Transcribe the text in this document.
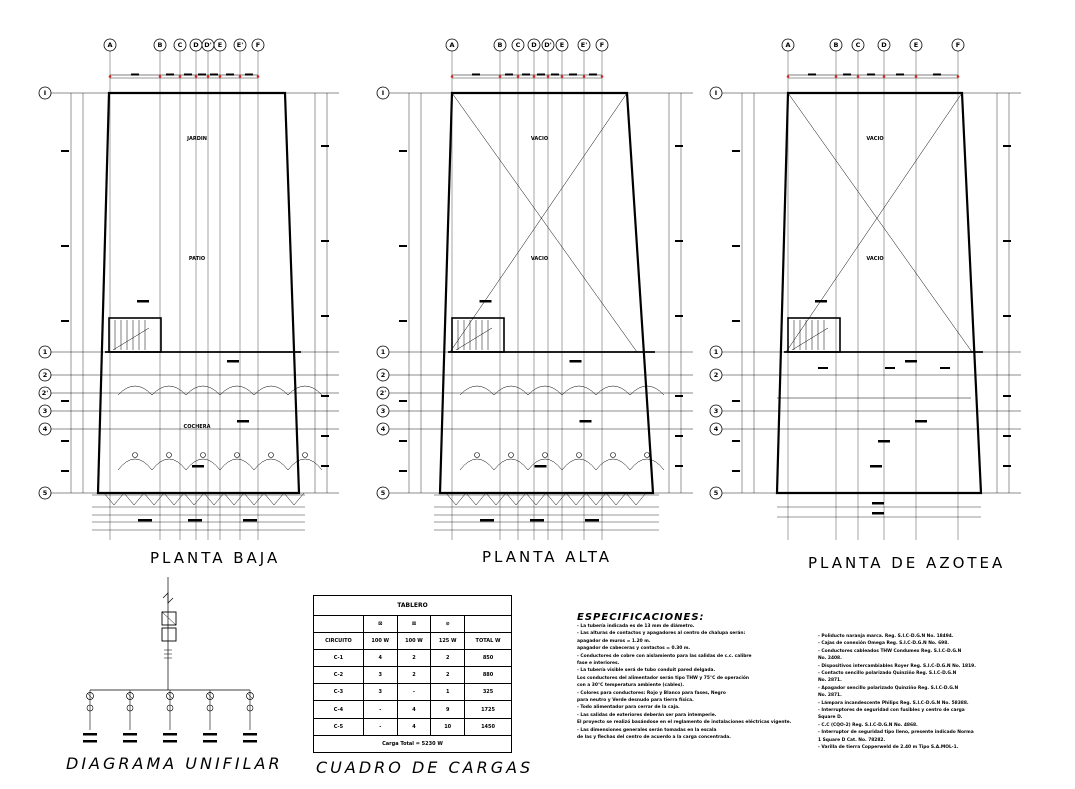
A	B C D D' E E' F
I
1
2
2'
3
4
5
JARDIN
PATIO
COCHERA
A	B C D D' E	E' F
I
1
2
2'
3
4
5
VACIO
VACIO
A	B	C	D	E	F
I
1
2
3
4
5
VACIO
VACIO
PLANTA BAJA	PLANTA ALTA	PLANTA DE AZOTEA
DIAGRAMA UNIFILAR CUADRO DE CARGAS
TABLERO				
	⊠	⊠	⊘	
CIRCUITO	100 W	100 W	125 W	TOTAL W
C-1	4	2	2	850
C-2	3	2	2	880
C-3	3	-	1	325
C-4	-	4	9	1725
C-5	-	4	10	1450
Carga Total = 5230 W				
ESPECIFICACIONES:
- La tubería indicada es de 13 mm de diámetro.
- Las alturas de contactos y apagadores al centro de chalupa serán:
apagador de muros = 1.20 m.
apagador de cabeceras y contactos = 0.30 m.
- Conductores de cobre con aislamiento para las salidas de c.c. calibre
fase e interiores.
- La tubería visible será de tubo conduit pared delgada.
Los conductores del alimentador serán tipo THW y 75°C de operación
con a 30°C temperatura ambiente (cables).
- Colores para conductores: Rojo y Blanco para fases, Negro
para neutro y Verde desnudo para tierra física.
- Todo alimentador para cerrar de la caja.
- Las salidas de exteriores deberán ser para intemperie.
El proyecto se realizó basándose en el reglamento de instalaciones eléctricas vigente.
- Las dimensiones generales serán tomadas en la escala
de las y flechas del centro de acuerdo a la carga concentrada.
- Poliducto naranja marca. Reg. S.I.C-D.G.N No. 18494.
- Cajas de conexión Omega Reg. S.I.C-D.G.N No. 698.
- Conductores cableados THW Condumex Reg. S.I.C-D.G.N
No. 2408.
- Dispositivos intercambiables Royer Reg. S.I.C-D.G.N No. 1819.
- Contacto sencillo polarizado Quinziño Reg. S.I.C-D.G.N
No. 2871.
- Apagador sencillo polarizado Quinziño Reg. S.I.C-D.G.N
No. 2871.
- Lámpara incandescente Philips Reg. S.I.C-D.G.N No. 58388.
- Interruptores de seguridad con fusibles y centro de carga
Square D.
- C.C (CQO-2) Reg. S.I.C-D.G.N No. 4868.
- Interruptor de seguridad tipo lleno, presente indicado Norma
1 Square D Cat. No. 78282.
- Varilla de tierra Copperweld de 2.40 m Tipo S.A.MOL-1.
